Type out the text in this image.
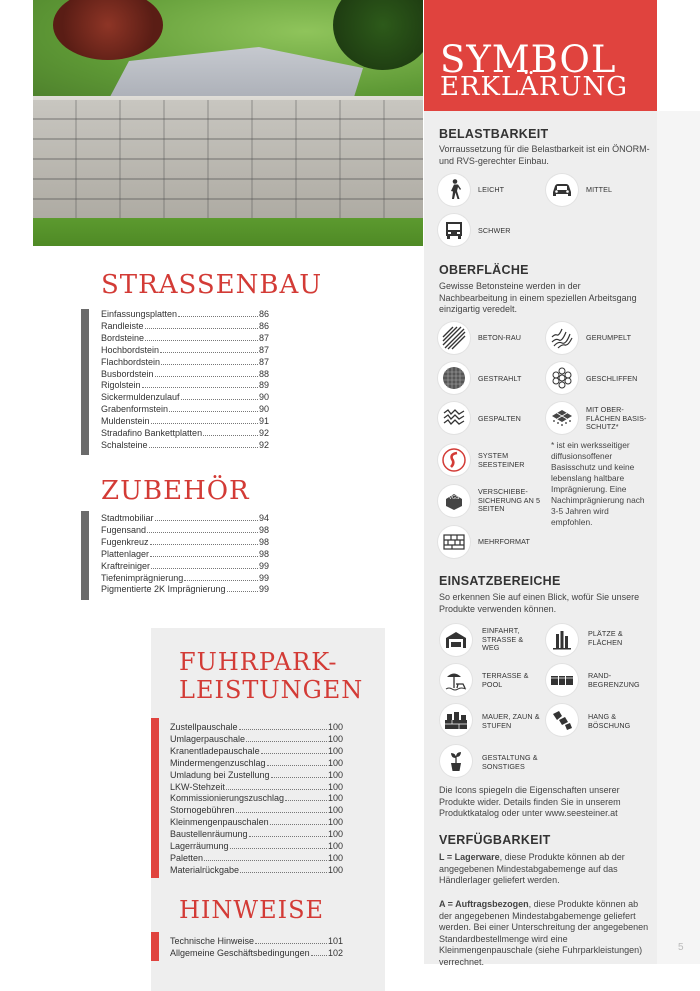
SYMBOL
ERKLÄRUNG
5
BELASTBARKEIT
Vorraussetzung für die Belastbarkeit ist ein ÖNORM- und RVS-gerechter Einbau.
LEICHT	MITTEL
SCHWER
OBERFLÄCHE
Gewisse Betonsteine werden in der Nachbearbeitung in einem speziellen Arbeitsgang einzigartig veredelt.
BETON-RAU	GERUMPELT
GESTRAHLT	GESCHLIFFEN
GESPALTEN
MIT OBER-FLÄCHEN BASIS-SCHUTZ*
SYSTEM SEESTEINER
* ist ein werksseitiger diffusionsoffener Basisschutz und keine lebenslang haltbare Imprägnierung. Eine Nachimprägnierung nach 3-5 Jahren wird empfohlen.
VGS
VERSCHIEBE-SICHERUNG AN 5 SEITEN
MEHRFORMAT
EINSATZBEREICHE
So erkennen Sie auf einen Blick, wofür Sie unsere Produkte verwenden können.
EINFAHRT, STRASSE & WEG
PLÄTZE & FLÄCHEN
TERRASSE & POOL
RAND-BEGRENZUNG
MAUER, ZAUN & STUFEN
HANG & BÖSCHUNG
GESTALTUNG & SONSTIGES
Die Icons spiegeln die Eigenschaften unserer Produkte wider. Details finden Sie in unserem Produktkatalog oder unter www.seesteiner.at
VERFÜGBARKEIT
L = Lagerware, diese Produkte können ab der angegebenen Mindestabgabemenge auf das Händlerlager geliefert werden.
A = Auftragsbezogen, diese Produkte können ab der angegebenen Mindestabgabemenge geliefert werden. Bei einer Unterschreitung der angegebenen Standardbestellmenge wird eine Kleinmengenpauschale (siehe Fuhrparkleistungen) verrechnet.
STRASSENBAU
Einfassungsplatten	86
Randleiste	86
Bordsteine	87
Hochbordstein	87
Flachbordstein	87
Busbordstein	88
Rigolstein	89
Sickermuldenzulauf	90
Grabenformstein	90
Muldenstein	91
Stradafino Bankettplatten	92
Schalsteine	92
ZUBEHÖR
Stadtmobiliar	94
Fugensand	98
Fugenkreuz	98
Plattenlager	98
Kraftreiniger	99
Tiefenimprägnierung	99
Pigmentierte 2K Imprägnierung	99
FUHRPARK-
LEISTUNGEN
Zustellpauschale	100
Umlagerpauschale	100
Kranentladepauschale	100
Mindermengenzuschlag	100
Umladung bei Zustellung	100
LKW-Stehzeit	100
Kommissionierungszuschlag	100
Stornogebühren	100
Kleinmengenpauschalen	100
Baustellenräumung	100
Lagerräumung	100
Paletten	100
Materialrückgabe	100
HINWEISE
Technische Hinweise	101
Allgemeine Geschäftsbedingungen 102
